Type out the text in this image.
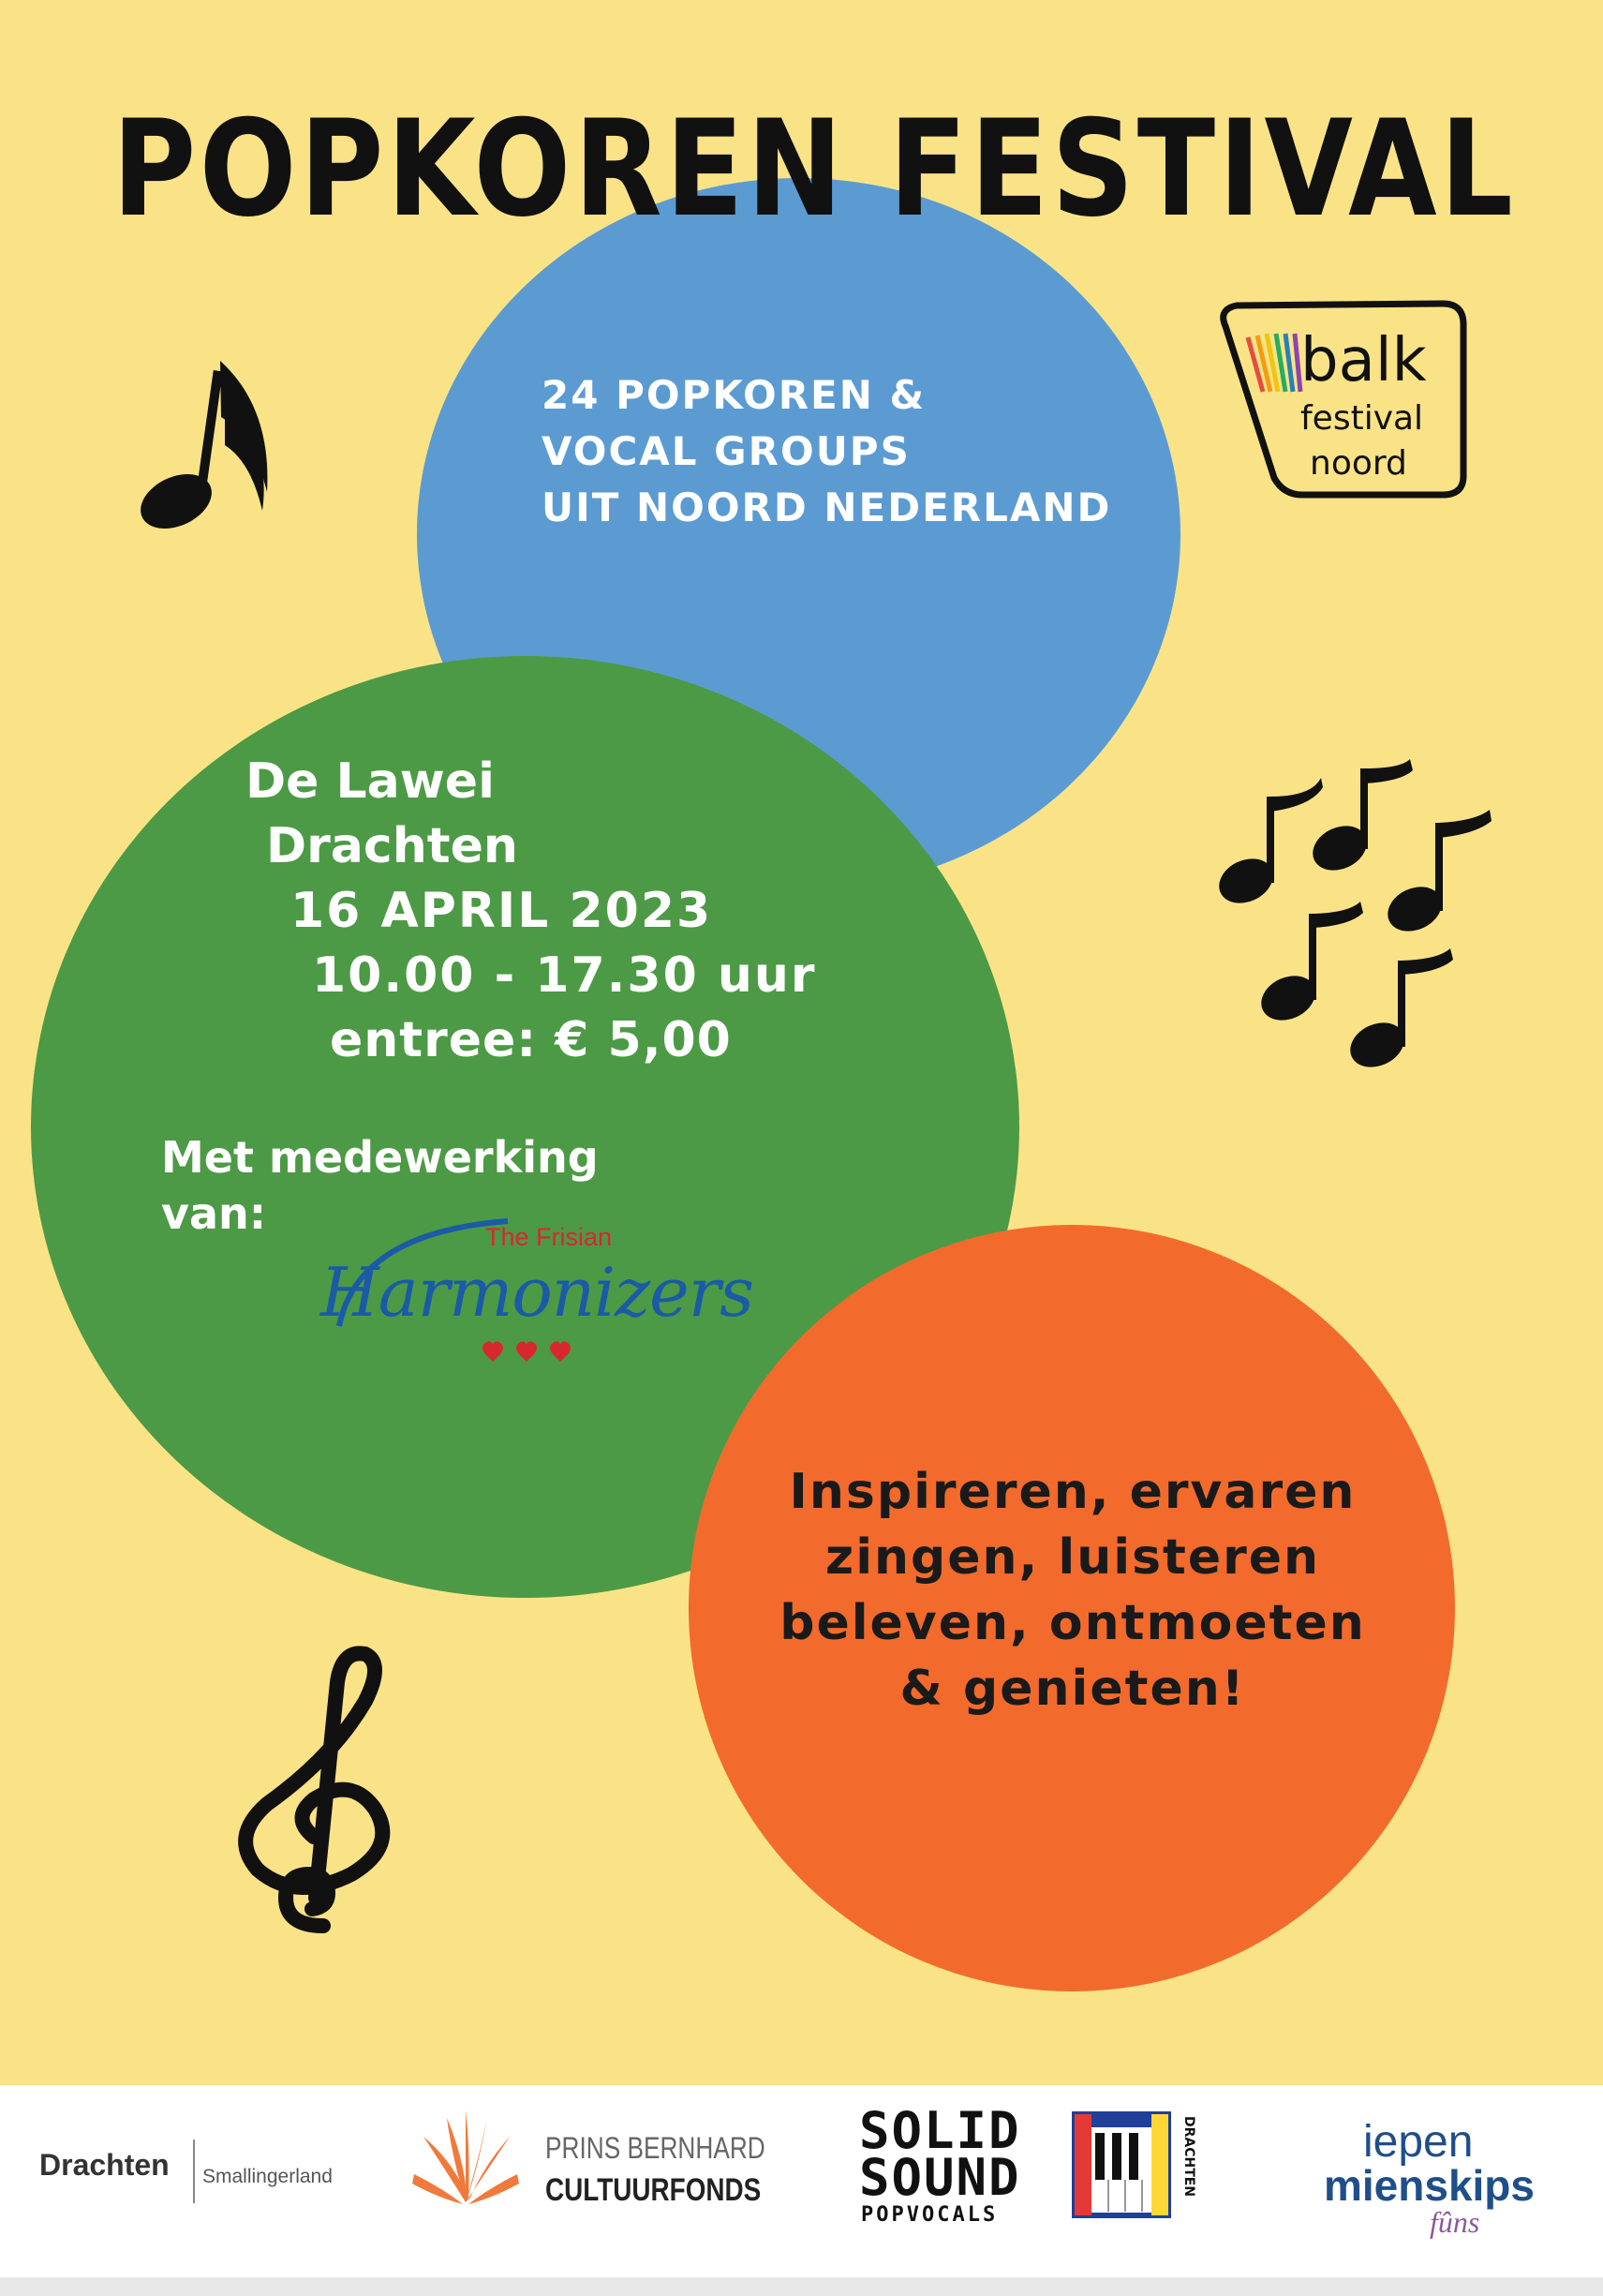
POPKOREN FESTIVAL
balk
festival
noord
24 POPKOREN &
VOCAL GROUPS
UIT NOORD NEDERLAND
De Lawei
Drachten
16 APRIL 2023
10.00 - 17.30 uur
entree: € 5,00
Met medewerking
van:	The Frisian
Harmonizers
Inspireren, ervaren
zingen, luisteren
beleven, ontmoeten
& genieten!
Drachten Smallingerland
PRINS BERNHARD
CULTUURFONDS
SOLID
SOUND
POPVOCALS
DRACHTEN	iepen
mienskips
fûns
